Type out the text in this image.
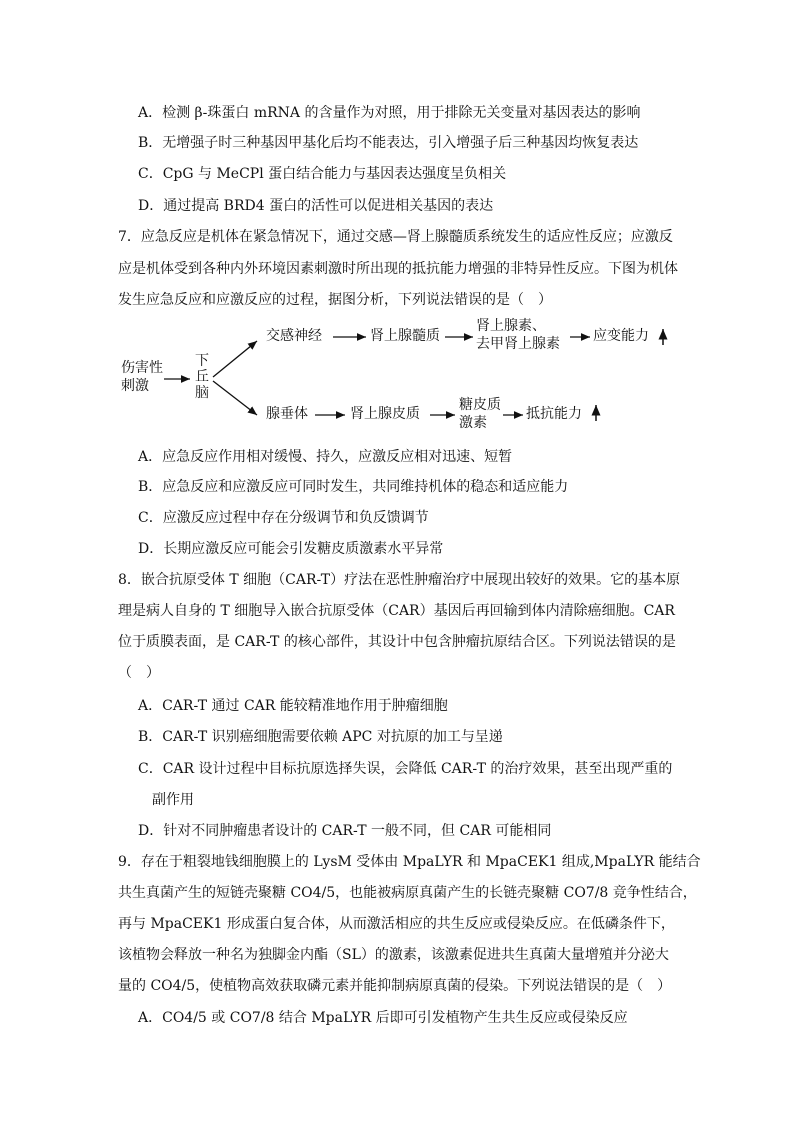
A．检测 β-珠蛋白 mRNA 的含量作为对照，用于排除无关变量对基因表达的影响
B．无增强子时三种基因甲基化后均不能表达，引入增强子后三种基因均恢复表达
C．CpG 与 MeCPl 蛋白结合能力与基因表达强度呈负相关
D．通过提高 BRD4 蛋白的活性可以促进相关基因的表达
7．应急反应是机体在紧急情况下，通过交感—肾上腺髓质系统发生的适应性反应；应激反
应是机体受到各种内外环境因素刺激时所出现的抵抗能力增强的非特异性反应。下图为机体
发生应急反应和应激反应的过程，据图分析，下列说法错误的是（　）
伤害性
刺激
下
丘
脑
交感神经	肾上腺髓质
肾上腺素、
去甲肾上腺素 应变能力
腺垂体	肾上腺皮质
糖皮质
激素
抵抗能力
A．应急反应作用相对缓慢、持久，应激反应相对迅速、短暂
B．应急反应和应激反应可同时发生，共同维持机体的稳态和适应能力
C．应激反应过程中存在分级调节和负反馈调节
D．长期应激反应可能会引发糖皮质激素水平异常
8．嵌合抗原受体 T 细胞（CAR-T）疗法在恶性肿瘤治疗中展现出较好的效果。它的基本原
理是病人自身的 T 细胞导入嵌合抗原受体（CAR）基因后再回输到体内清除癌细胞。CAR
位于质膜表面，是 CAR-T 的核心部件，其设计中包含肿瘤抗原结合区。下列说法错误的是
（　）
A．CAR-T 通过 CAR 能较精准地作用于肿瘤细胞
B．CAR-T 识别癌细胞需要依赖 APC 对抗原的加工与呈递
C．CAR 设计过程中目标抗原选择失误，会降低 CAR-T 的治疗效果，甚至出现严重的
副作用
D．针对不同肿瘤患者设计的 CAR-T 一般不同，但 CAR 可能相同
9．存在于粗裂地钱细胞膜上的 LysM 受体由 MpaLYR 和 MpaCEK1 组成,MpaLYR 能结合
共生真菌产生的短链壳聚糖 CO4/5，也能被病原真菌产生的长链壳聚糖 CO7/8 竞争性结合，
再与 MpaCEK1 形成蛋白复合体，从而激活相应的共生反应或侵染反应。在低磷条件下，
该植物会释放一种名为独脚金内酯（SL）的激素，该激素促进共生真菌大量增殖并分泌大
量的 CO4/5，使植物高效获取磷元素并能抑制病原真菌的侵染。下列说法错误的是（　）
A．CO4/5 或 CO7/8 结合 MpaLYR 后即可引发植物产生共生反应或侵染反应
